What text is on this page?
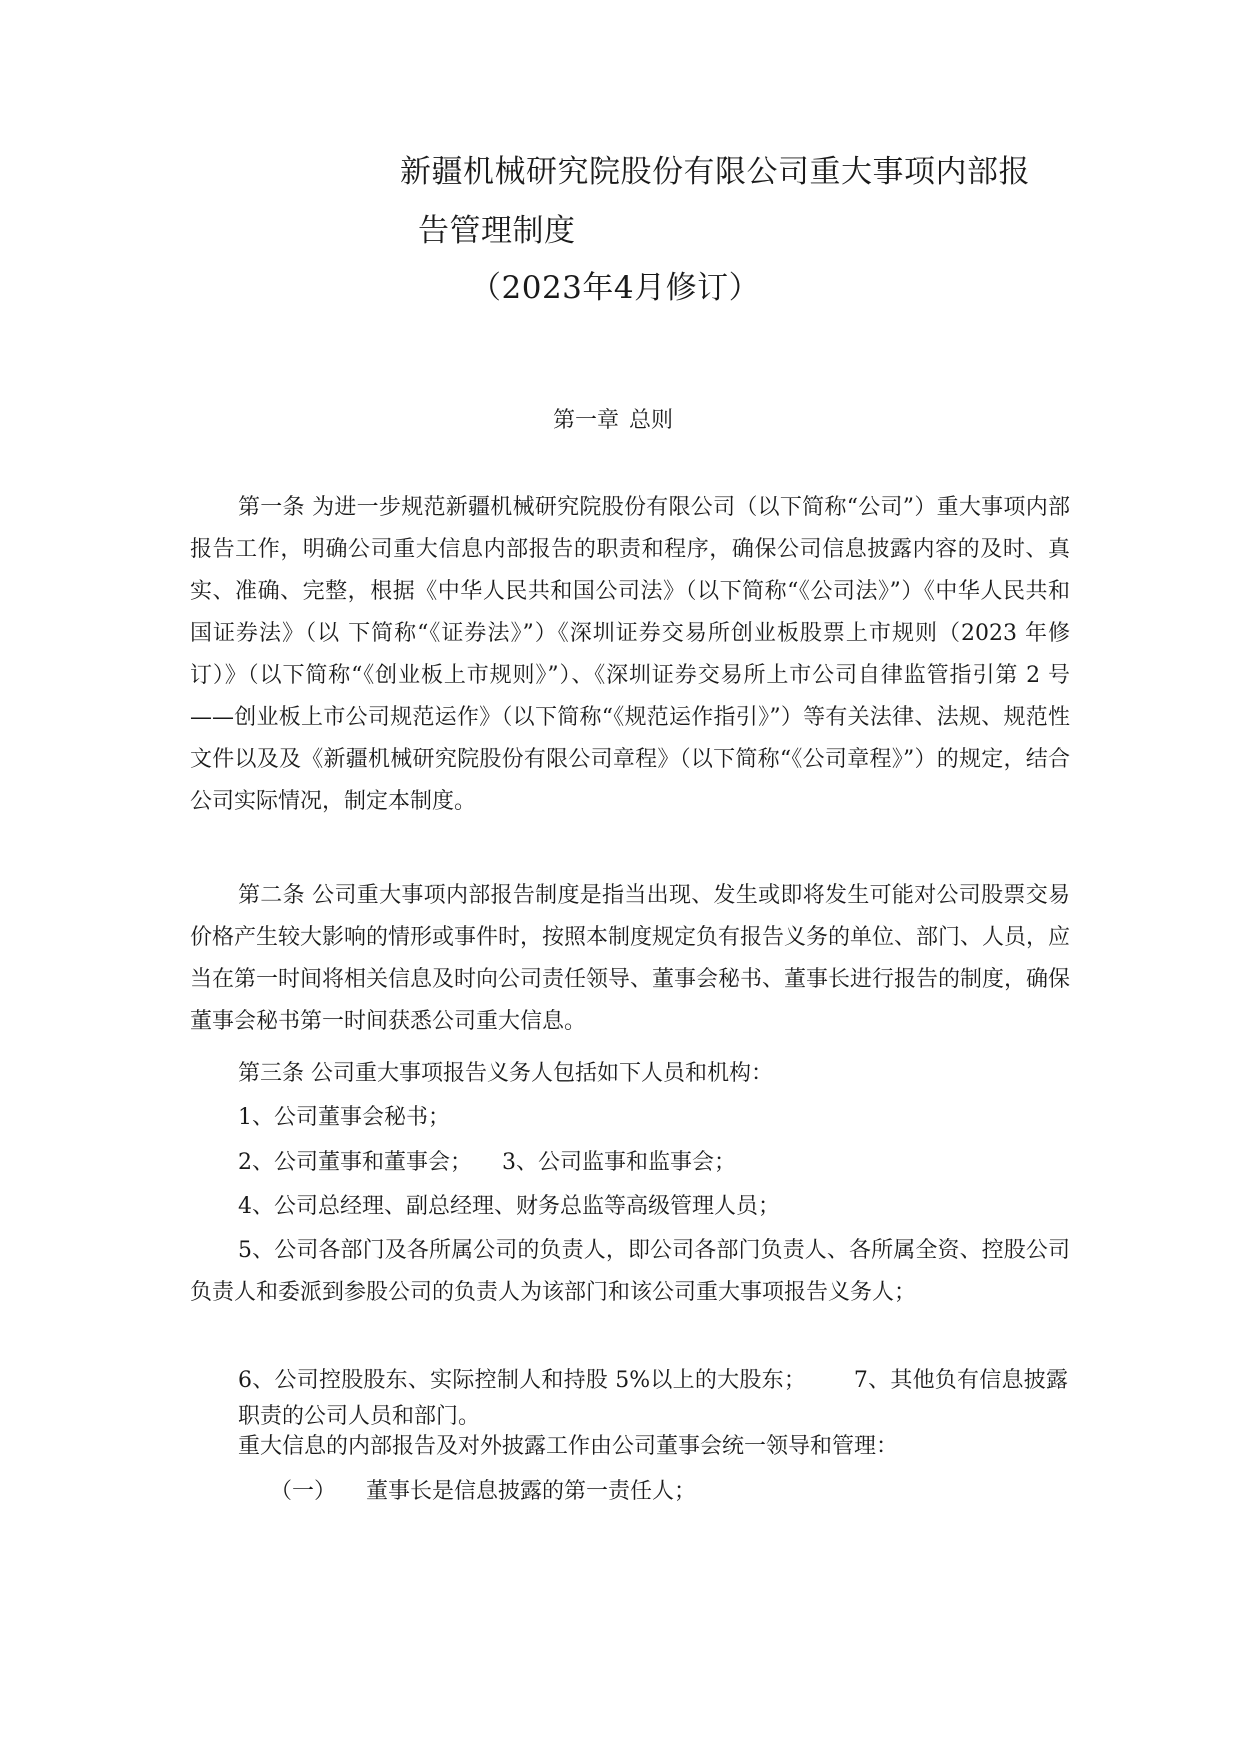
新疆机械研究院股份有限公司重大事项内部报
告管理制度
（2023年4月修订）
第一章 总则

第一条 为进一步规范新疆机械研究院股份有限公司（以下简称“公司”）重大事项内部报告工作，明确公司重大信息内部报告的职责和程序，确保公司信息披露内容的及时、真实、准确、完整，根据《中华人民共和国公司法》（以下简称“《公司法》”）《中华人民共和国证券法》（以 下简称“《证券法》”）《深圳证券交易所创业板股票上市规则（2023 年修订）》（以下简称“《创业板上市规则》”）、《深圳证券交易所上市公司自律监管指引第 2 号——创业板上市公司规范运作》（以下简称“《规范运作指引》”）等有关法律、法规、规范性文件以及及《新疆机械研究院股份有限公司章程》（以下简称“《公司章程》”）的规定，结合公司实际情况，制定本制度。

第二条 公司重大事项内部报告制度是指当出现、发生或即将发生可能对公司股票交易价格产生较大影响的情形或事件时，按照本制度规定负有报告义务的单位、部门、人员，应当在第一时间将相关信息及时向公司责任领导、董事会秘书、董事长进行报告的制度，确保董事会秘书第一时间获悉公司重大信息。

第三条 公司重大事项报告义务人包括如下人员和机构：

1、公司董事会秘书；

2、公司董事和董事会； 3、公司监事和监事会；

4、公司总经理、副总经理、财务总监等高级管理人员；

5、公司各部门及各所属公司的负责人，即公司各部门负责人、各所属全资、控股公司负责人和委派到参股公司的负责人为该部门和该公司重大事项报告义务人；

6、公司控股股东、实际控制人和持股 5%以上的大股东； 7、其他负有信息披露职责的公司人员和部门。

重大信息的内部报告及对外披露工作由公司董事会统一领导和管理：

（一） 董事长是信息披露的第一责任人；
